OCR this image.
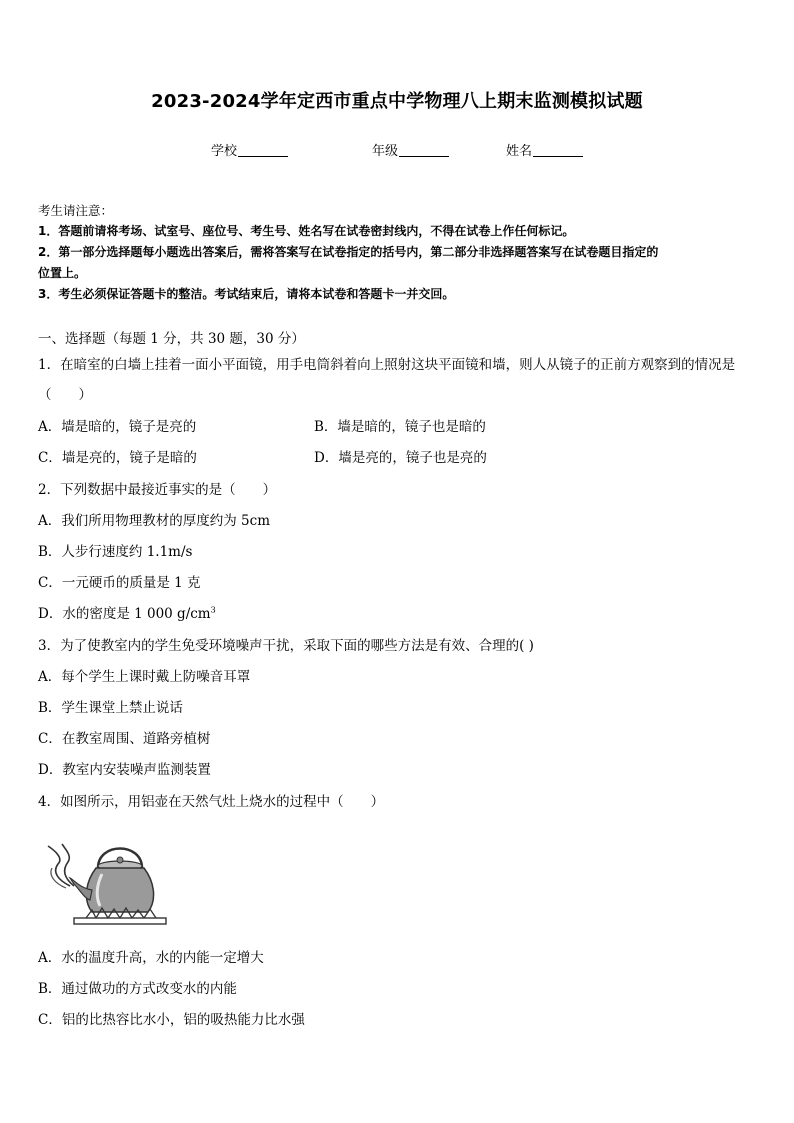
2023-2024学年定西市重点中学物理八上期末监测模拟试题
学校	年级	姓名
考生请注意：
1．答题前请将考场、试室号、座位号、考生号、姓名写在试卷密封线内，不得在试卷上作任何标记。
2．第一部分选择题每小题选出答案后，需将答案写在试卷指定的括号内，第二部分非选择题答案写在试卷题目指定的
位置上。
3．考生必须保证答题卡的整洁。考试结束后，请将本试卷和答题卡一并交回。
一、选择题（每题 1 分，共 30 题，30 分）
1．在暗室的白墙上挂着一面小平面镜，用手电筒斜着向上照射这块平面镜和墙，则人从镜子的正前方观察到的情况是
（　　）
A．墙是暗的，镜子是亮的	B．墙是暗的，镜子也是暗的
C．墙是亮的，镜子是暗的	D．墙是亮的，镜子也是亮的
2．下列数据中最接近事实的是（　　）
A．我们所用物理教材的厚度约为 5cm
B．人步行速度约 1.1m/s
C．一元硬币的质量是 1 克
D．水的密度是 1 000 $g/cm^3$
3．为了使教室内的学生免受环境噪声干扰，采取下面的哪些方法是有效、合理的( )
A．每个学生上课时戴上防噪音耳罩
B．学生课堂上禁止说话
C．在教室周围、道路旁植树
D．教室内安装噪声监测装置
4．如图所示，用铝壶在天然气灶上烧水的过程中（　　）
A．水的温度升高，水的内能一定增大
B．通过做功的方式改变水的内能
C．铝的比热容比水小，铝的吸热能力比水强
